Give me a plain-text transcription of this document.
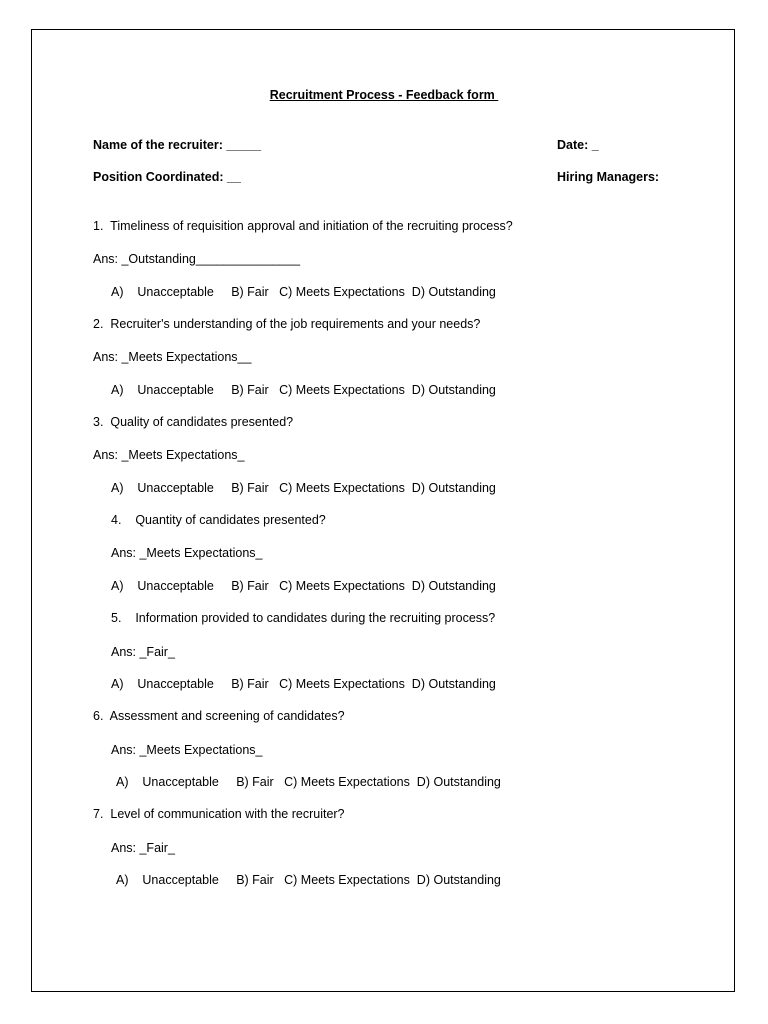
Recruitment Process - Feedback form
Name of the recruiter: _____	Date: _
Position Coordinated: __	Hiring Managers:
1.  Timeliness of requisition approval and initiation of the recruiting process?
Ans: _Outstanding_______________
A)    Unacceptable     B) Fair   C) Meets Expectations  D) Outstanding
2.  Recruiter's understanding of the job requirements and your needs?
Ans: _Meets Expectations__
A)    Unacceptable     B) Fair   C) Meets Expectations  D) Outstanding
3.  Quality of candidates presented?
Ans: _Meets Expectations_
A)    Unacceptable     B) Fair   C) Meets Expectations  D) Outstanding
4.    Quantity of candidates presented?
Ans: _Meets Expectations_
A)    Unacceptable     B) Fair   C) Meets Expectations  D) Outstanding
5.    Information provided to candidates during the recruiting process?
Ans: _Fair_
A)    Unacceptable     B) Fair   C) Meets Expectations  D) Outstanding
6.  Assessment and screening of candidates?
Ans: _Meets Expectations_
A)    Unacceptable     B) Fair   C) Meets Expectations  D) Outstanding
7.  Level of communication with the recruiter?
Ans: _Fair_
A)    Unacceptable     B) Fair   C) Meets Expectations  D) Outstanding
